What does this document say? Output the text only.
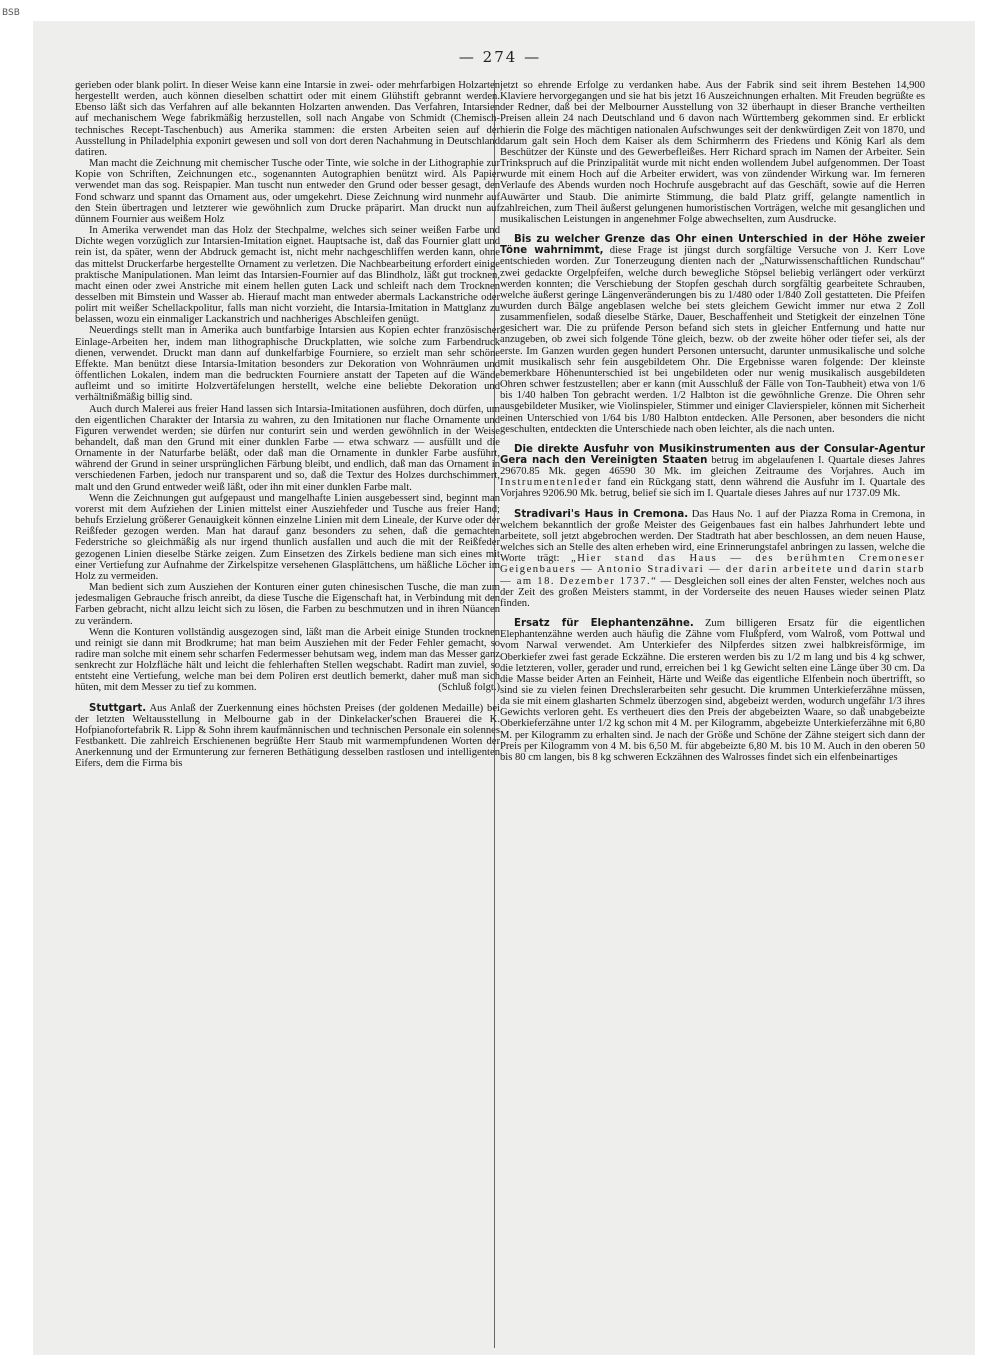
BSB
— 274 —

gerieben oder blank polirt. In dieser Weise kann eine Intarsie in zwei- oder mehrfarbigen Holzarten hergestellt werden, auch können dieselben schattirt oder mit einem Glühstift gebrannt werden. Ebenso läßt sich das Verfahren auf alle bekannten Holzarten anwenden. Das Verfahren, Intarsien auf mechanischem Wege fabrikmäßig herzustellen, soll nach Angabe von Schmidt (Chemisch-technisches Recept-Taschenbuch) aus Amerika stammen: die ersten Arbeiten seien auf der Ausstellung in Philadelphia exponirt gewesen und soll von dort deren Nachahmung in Deutschland datiren.

Man macht die Zeichnung mit chemischer Tusche oder Tinte, wie solche in der Lithographie zur Kopie von Schriften, Zeichnungen etc., sogenannten Autographien benützt wird. Als Papier verwendet man das sog. Reispapier. Man tuscht nun entweder den Grund oder besser gesagt, den Fond schwarz und spannt das Ornament aus, oder umgekehrt. Diese Zeichnung wird nunmehr auf den Stein übertragen und letzterer wie gewöhnlich zum Drucke präparirt. Man druckt nun auf dünnem Fournier aus weißem Holz

In Amerika verwendet man das Holz der Stechpalme, welches sich seiner weißen Farbe und Dichte wegen vorzüglich zur Intarsien-Imitation eignet. Hauptsache ist, daß das Fournier glatt und rein ist, da später, wenn der Abdruck gemacht ist, nicht mehr nachgeschliffen werden kann, ohne das mittelst Druckerfarbe hergestellte Ornament zu verletzen. Die Nachbearbeitung erfordert einige praktische Manipulationen. Man leimt das Intarsien-Fournier auf das Blindholz, läßt gut trocknen, macht einen oder zwei Anstriche mit einem hellen guten Lack und schleift nach dem Trocknen desselben mit Bimstein und Wasser ab. Hierauf macht man entweder abermals Lackanstriche oder polirt mit weißer Schellackpolitur, falls man nicht vorzieht, die Intarsia-Imitation in Mattglanz zu belassen, wozu ein einmaliger Lackanstrich und nachheriges Abschleifen genügt.

Neuerdings stellt man in Amerika auch buntfarbige Intarsien aus Kopien echter französischer Einlage-Arbeiten her, indem man lithographische Druckplatten, wie solche zum Farbendruck dienen, verwendet. Druckt man dann auf dunkelfarbige Fourniere, so erzielt man sehr schöne Effekte. Man benützt diese Intarsia-Imitation besonders zur Dekoration von Wohnräumen und öffentlichen Lokalen, indem man die bedruckten Fourniere anstatt der Tapeten auf die Wände aufleimt und so imitirte Holzvertäfelungen herstellt, welche eine beliebte Dekoration und verhältnißmäßig billig sind.

Auch durch Malerei aus freier Hand lassen sich Intarsia-Imitationen ausführen, doch dürfen, um den eigentlichen Charakter der Intarsia zu wahren, zu den Imitationen nur flache Ornamente und Figuren verwendet werden; sie dürfen nur conturirt sein und werden gewöhnlich in der Weise behandelt, daß man den Grund mit einer dunklen Farbe — etwa schwarz — ausfüllt und die Ornamente in der Naturfarbe beläßt, oder daß man die Ornamente in dunkler Farbe ausführt, während der Grund in seiner ursprünglichen Färbung bleibt, und endlich, daß man das Ornament in verschiedenen Farben, jedoch nur transparent und so, daß die Textur des Holzes durchschimmert, malt und den Grund entweder weiß läßt, oder ihn mit einer dunklen Farbe malt.

Wenn die Zeichnungen gut aufgepaust und mangelhafte Linien ausgebessert sind, beginnt man vorerst mit dem Aufziehen der Linien mittelst einer Ausziehfeder und Tusche aus freier Hand; behufs Erzielung größerer Genauigkeit können einzelne Linien mit dem Lineale, der Kurve oder der Reißfeder gezogen werden. Man hat darauf ganz besonders zu sehen, daß die gemachten Federstriche so gleichmäßig als nur irgend thunlich ausfallen und auch die mit der Reißfeder gezogenen Linien dieselbe Stärke zeigen. Zum Einsetzen des Zirkels bediene man sich eines mit einer Vertiefung zur Aufnahme der Zirkelspitze versehenen Glasplättchens, um häßliche Löcher im Holz zu vermeiden.

Man bedient sich zum Ausziehen der Konturen einer guten chinesischen Tusche, die man zum jedesmaligen Gebrauche frisch anreibt, da diese Tusche die Eigenschaft hat, in Verbindung mit den Farben gebracht, nicht allzu leicht sich zu lösen, die Farben zu beschmutzen und in ihren Nüancen zu verändern.

Wenn die Konturen vollständig ausgezogen sind, läßt man die Arbeit einige Stunden trocknen und reinigt sie dann mit Brodkrume; hat man beim Ausziehen mit der Feder Fehler gemacht, so radire man solche mit einem sehr scharfen Federmesser behutsam weg, indem man das Messer ganz senkrecht zur Holzfläche hält und leicht die fehlerhaften Stellen wegschabt. Radirt man zuviel, so entsteht eine Vertiefung, welche man bei dem Poliren erst deutlich bemerkt, daher muß man sich hüten, mit dem Messer zu tief zu kommen.	(Schluß folgt.)

Stuttgart. Aus Anlaß der Zuerkennung eines höchsten Preises (der goldenen Medaille) bei der letzten Weltausstellung in Melbourne gab in der Dinkelacker'schen Brauerei die K. Hofpianofortefabrik R. Lipp & Sohn ihrem kaufmännischen und technischen Personale ein solennes Festbankett. Die zahlreich Erschienenen begrüßte Herr Staub mit warmempfundenen Worten der Anerkennung und der Ermunterung zur ferneren Bethätigung desselben rastlosen und intelligenten Eifers, dem die Firma bis

jetzt so ehrende Erfolge zu verdanken habe. Aus der Fabrik sind seit ihrem Bestehen 14,900 Klaviere hervorgegangen und sie hat bis jetzt 16 Auszeichnungen erhalten. Mit Freuden begrüßte es der Redner, daß bei der Melbourner Ausstellung von 32 überhaupt in dieser Branche vertheilten Preisen allein 24 nach Deutschland und 6 davon nach Württemberg gekommen sind. Er erblickt hierin die Folge des mächtigen nationalen Aufschwunges seit der denkwürdigen Zeit von 1870, und darum galt sein Hoch dem Kaiser als dem Schirmherrn des Friedens und König Karl als dem Beschützer der Künste und des Gewerbefleißes. Herr Richard sprach im Namen der Arbeiter. Sein Trinkspruch auf die Prinzipalität wurde mit nicht enden wollendem Jubel aufgenommen. Der Toast wurde mit einem Hoch auf die Arbeiter erwidert, was von zündender Wirkung war. Im ferneren Verlaufe des Abends wurden noch Hochrufe ausgebracht auf das Geschäft, sowie auf die Herren Auwärter und Staub. Die animirte Stimmung, die bald Platz griff, gelangte namentlich in zahlreichen, zum Theil äußerst gelungenen humoristischen Vorträgen, welche mit gesanglichen und musikalischen Leistungen in angenehmer Folge abwechselten, zum Ausdrucke.

Bis zu welcher Grenze das Ohr einen Unterschied in der Höhe zweier Töne wahrnimmt, diese Frage ist jüngst durch sorgfältige Versuche von J. Kerr Love entschieden worden. Zur Tonerzeugung dienten nach der „Naturwissenschaftlichen Rundschau“ zwei gedackte Orgelpfeifen, welche durch bewegliche Stöpsel beliebig verlängert oder verkürzt werden konnten; die Verschiebung der Stopfen geschah durch sorgfältig gearbeitete Schrauben, welche äußerst geringe Längenveränderungen bis zu 1/480 oder 1/840 Zoll gestatteten. Die Pfeifen wurden durch Bälge angeblasen welche bei stets gleichem Gewicht immer nur etwa 2 Zoll zusammenfielen, sodaß dieselbe Stärke, Dauer, Beschaffenheit und Stetigkeit der einzelnen Töne gesichert war. Die zu prüfende Person befand sich stets in gleicher Entfernung und hatte nur anzugeben, ob zwei sich folgende Töne gleich, bezw. ob der zweite höher oder tiefer sei, als der erste. Im Ganzen wurden gegen hundert Personen untersucht, darunter unmusikalische und solche mit musikalisch sehr fein ausgebildetem Ohr. Die Ergebnisse waren folgende: Der kleinste bemerkbare Höhenunterschied ist bei ungebildeten oder nur wenig musikalisch ausgebildeten Ohren schwer festzustellen; aber er kann (mit Ausschluß der Fälle von Ton-Taubheit) etwa von 1/6 bis 1/40 halben Ton gebracht werden. 1/2 Halbton ist die gewöhnliche Grenze. Die Ohren sehr ausgebildeter Musiker, wie Violinspieler, Stimmer und einiger Clavierspieler, können mit Sicherheit einen Unterschied von 1/64 bis 1/80 Halbton entdecken. Alle Personen, aber besonders die nicht geschulten, entdeckten die Unterschiede nach oben leichter, als die nach unten.

Die direkte Ausfuhr von Musikinstrumenten aus der Consular-Agentur Gera nach den Vereinigten Staaten betrug im abgelaufenen I. Quartale dieses Jahres 29670.85 Mk. gegen 46590 30 Mk. im gleichen Zeitraume des Vorjahres. Auch im Instrumentenleder fand ein Rückgang statt, denn während die Ausfuhr im I. Quartale des Vorjahres 9206.90 Mk. betrug, belief sie sich im I. Quartale dieses Jahres auf nur 1737.09 Mk.

Stradivari's Haus in Cremona. Das Haus No. 1 auf der Piazza Roma in Cremona, in welchem bekanntlich der große Meister des Geigenbaues fast ein halbes Jahrhundert lebte und arbeitete, soll jetzt abgebrochen werden. Der Stadtrath hat aber beschlossen, an dem neuen Hause, welches sich an Stelle des alten erheben wird, eine Erinnerungstafel anbringen zu lassen, welche die Worte trägt: „Hier stand das Haus — des berühmten Cremoneser Geigenbauers — Antonio Stradivari — der darin arbeitete und darin starb — am 18. Dezember 1737.“ — Desgleichen soll eines der alten Fenster, welches noch aus der Zeit des großen Meisters stammt, in der Vorderseite des neuen Hauses wieder seinen Platz finden.

Ersatz für Elephantenzähne. Zum billigeren Ersatz für die eigentlichen Elephantenzähne werden auch häufig die Zähne vom Flußpferd, vom Walroß, vom Pottwal und vom Narwal verwendet. Am Unterkiefer des Nilpferdes sitzen zwei halbkreisförmige, im Oberkiefer zwei fast gerade Eckzähne. Die ersteren werden bis zu 1/2 m lang und bis 4 kg schwer, die letzteren, voller, gerader und rund, erreichen bei 1 kg Gewicht selten eine Länge über 30 cm. Da die Masse beider Arten an Feinheit, Härte und Weiße das eigentliche Elfenbein noch übertrifft, so sind sie zu vielen feinen Drechslerarbeiten sehr gesucht. Die krummen Unterkieferzähne müssen, da sie mit einem glasharten Schmelz überzogen sind, abgebeizt werden, wodurch ungefähr 1/3 ihres Gewichts verloren geht. Es vertheuert dies den Preis der abgebeizten Waare, so daß unabgebeizte Oberkieferzähne unter 1/2 kg schon mit 4 M. per Kilogramm, abgebeizte Unterkieferzähne mit 6,80 M. per Kilogramm zu erhalten sind. Je nach der Größe und Schöne der Zähne steigert sich dann der Preis per Kilogramm von 4 M. bis 6,50 M. für abgebeizte 6,80 M. bis 10 M. Auch in den oberen 50 bis 80 cm langen, bis 8 kg schweren Eckzähnen des Walrosses findet sich ein elfenbeinartiges
